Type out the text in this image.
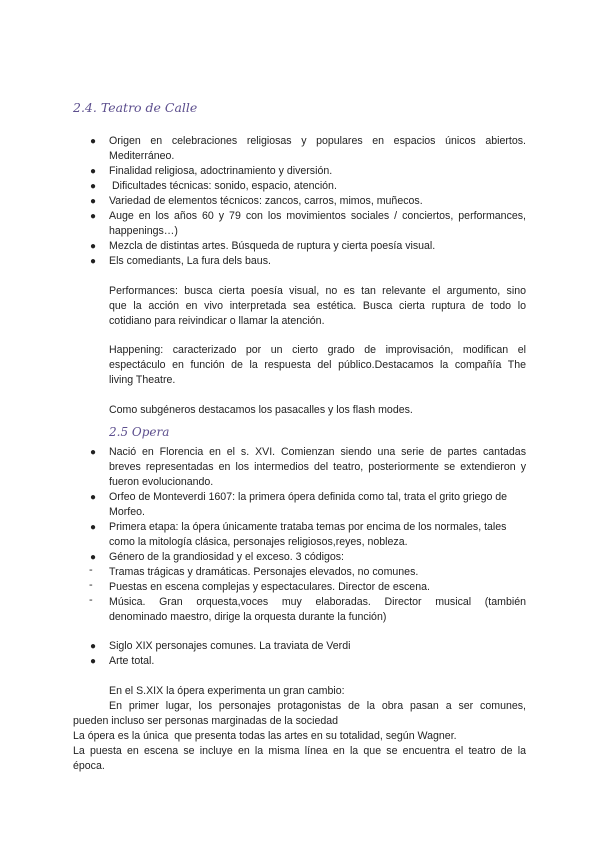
2.4. Teatro de Calle
● Origen en celebraciones religiosas y populares en espacios únicos abiertos.
Mediterráneo.
● Finalidad religiosa, adoctrinamiento y diversión.
● Dificultades técnicas: sonido, espacio, atención.
● Variedad de elementos técnicos: zancos, carros, mimos, muñecos.
● Auge en los años 60 y 79 con los movimientos sociales / conciertos, performances,
happenings…)
● Mezcla de distintas artes. Búsqueda de ruptura y cierta poesía visual.
● Els comediants, La fura dels baus.
Performances: busca cierta poesía visual, no es tan relevante el argumento, sino
que la acción en vivo interpretada sea estética. Busca cierta ruptura de todo lo
cotidiano para reivindicar o llamar la atención.
Happening: caracterizado por un cierto grado de improvisación, modifican el
espectáculo en función de la respuesta del público.Destacamos la compañía The
living Theatre.
Como subgéneros destacamos los pasacalles y los flash modes.
2.5 Opera
● Nació en Florencia en el s. XVI. Comienzan siendo una serie de partes cantadas
breves representadas en los intermedios del teatro, posteriormente se extendieron y
fueron evolucionando.
● Orfeo de Monteverdi 1607: la primera ópera definida como tal, trata el grito griego de
Morfeo.
● Primera etapa: la ópera únicamente trataba temas por encima de los normales, tales
como la mitología clásica, personajes religiosos,reyes, nobleza.
● Género de la grandiosidad y el exceso. 3 códigos:
- Tramas trágicas y dramáticas. Personajes elevados, no comunes.
- Puestas en escena complejas y espectaculares. Director de escena.
- Música. Gran orquesta,voces muy elaboradas. Director musical (también
denominado maestro, dirige la orquesta durante la función)
● Siglo XIX personajes comunes. La traviata de Verdi
● Arte total.
En el S.XIX la ópera experimenta un gran cambio:
En primer lugar, los personajes protagonistas de la obra pasan a ser comunes,
pueden incluso ser personas marginadas de la sociedad
La ópera es la única  que presenta todas las artes en su totalidad, según Wagner.
La puesta en escena se incluye en la misma línea en la que se encuentra el teatro de la
época.
